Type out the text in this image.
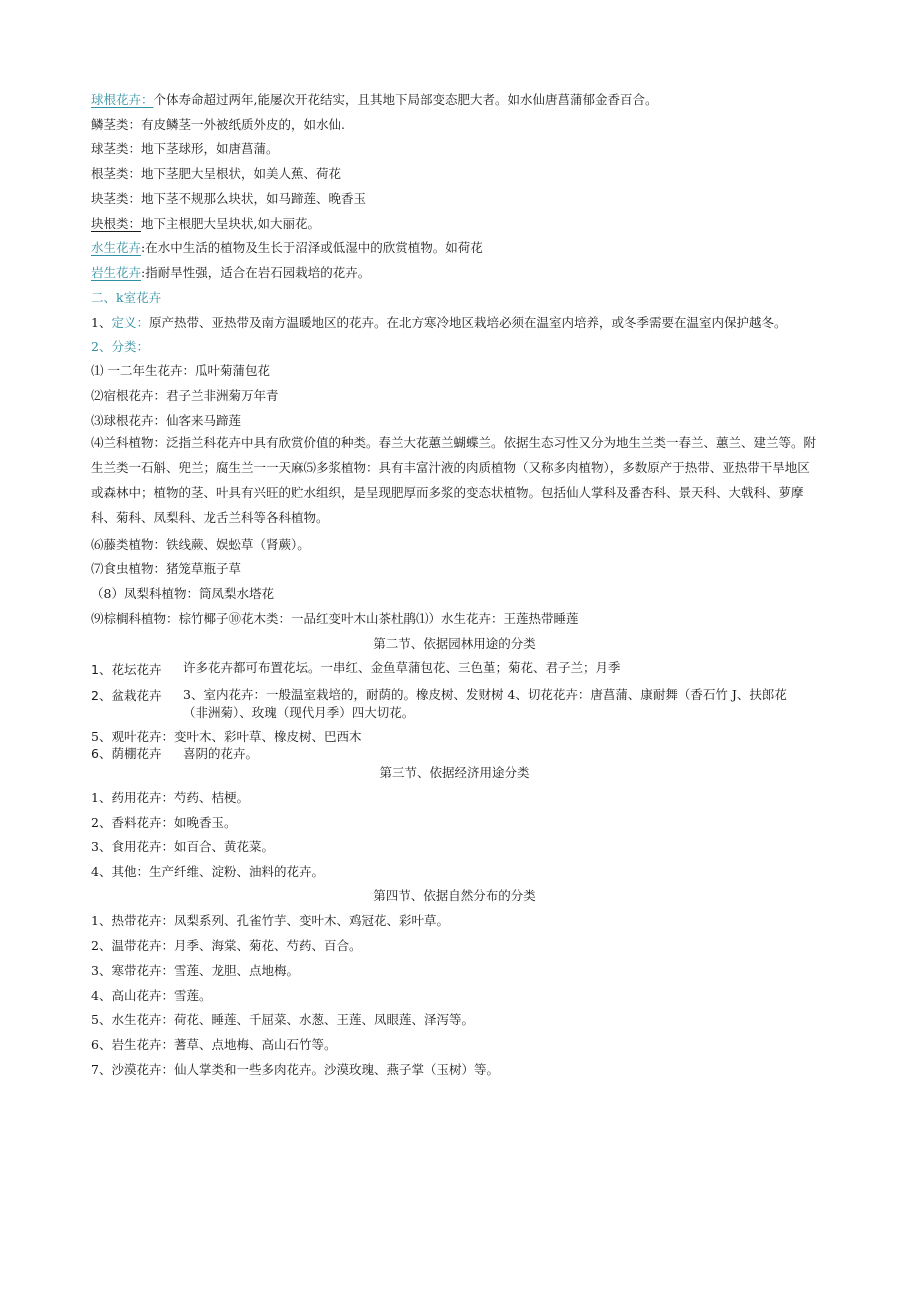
球根花卉：个体寿命超过两年,能屡次开花结实，且其地下局部变态肥大者。如水仙唐菖蒲郁金香百合。
鳞茎类：有皮鳞茎一外被纸质外皮的，如水仙.
球茎类：地下茎球形，如唐菖蒲。
根茎类：地下茎肥大呈根状，如美人蕉、荷花
块茎类：地下茎不规那么块状，如马蹄莲、晚香玉
块根类：地下主根肥大呈块状,如大丽花。
水生花卉:在水中生活的植物及生长于沼泽或低湿中的欣赏植物。如荷花
岩生花卉:指耐旱性强，适合在岩石园栽培的花卉。
二、k室花卉
1、定义：原产热带、亚热带及南方温暖地区的花卉。在北方寒冷地区栽培必须在温室内培养，或冬季需要在温室内保护越冬。
2、分类：
⑴ 一二年生花卉：瓜叶菊蒲包花
⑵宿根花卉：君子兰非洲菊万年青
⑶球根花卉：仙客来马蹄莲
⑷兰科植物：泛指兰科花卉中具有欣赏价值的种类。春兰大花蕙兰蝴蝶兰。依据生态习性又分为地生兰类一春兰、蕙兰、建兰等。附生兰类一石斛、兜兰；腐生兰一一天麻⑸多浆植物：具有丰富汁液的肉质植物（又称多肉植物），多数原产于热带、亚热带干旱地区或森林中；植物的茎、叶具有兴旺的贮水组织，是呈现肥厚而多浆的变态状植物。包括仙人掌科及番杏科、景天科、大戟科、萝摩科、菊科、凤梨科、龙舌兰科等各科植物。
⑹藤类植物：铁线蕨、娱蚣草（肾蕨）。
⑺食虫植物：猪笼草瓶子草
（8）凤梨科植物：筒凤梨水塔花
⑼棕榈科植物：棕竹椰子⑩花木类：一品红变叶木山茶杜鹃⑴）水生花卉：王莲热带睡莲
第二节、依据园林用途的分类
1、花坛花卉	许多花卉都可布置花坛。一串红、金鱼草蒲包花、三色堇；菊花、君子兰；月季
2、盆栽花卉	3、室内花卉：一般温室栽培的，耐荫的。橡皮树、发财树 4、切花花卉：唐菖蒲、康耐舞（香石竹 J、扶郎花
（非洲菊）、玫瑰（现代月季）四大切花。
5、观叶花卉：变叶木、彩叶草、橡皮树、巴西木
6、荫棚花卉	喜阴的花卉。
第三节、依据经济用途分类
1、药用花卉：芍药、桔梗。
2、香料花卉：如晚香玉。
3、食用花卉：如百合、黄花菜。
4、其他：生产纤维、淀粉、油料的花卉。
第四节、依据自然分布的分类
1、热带花卉：凤梨系列、孔雀竹芋、变叶木、鸡冠花、彩叶草。
2、温带花卉：月季、海棠、菊花、芍药、百合。
3、寒带花卉：雪莲、龙胆、点地梅。
4、高山花卉：雪莲。
5、水生花卉：荷花、睡莲、千屈菜、水葱、王莲、凤眼莲、泽泻等。
6、岩生花卉：蓍草、点地梅、高山石竹等。
7、沙漠花卉：仙人掌类和一些多肉花卉。沙漠玫瑰、燕子掌（玉树）等。
